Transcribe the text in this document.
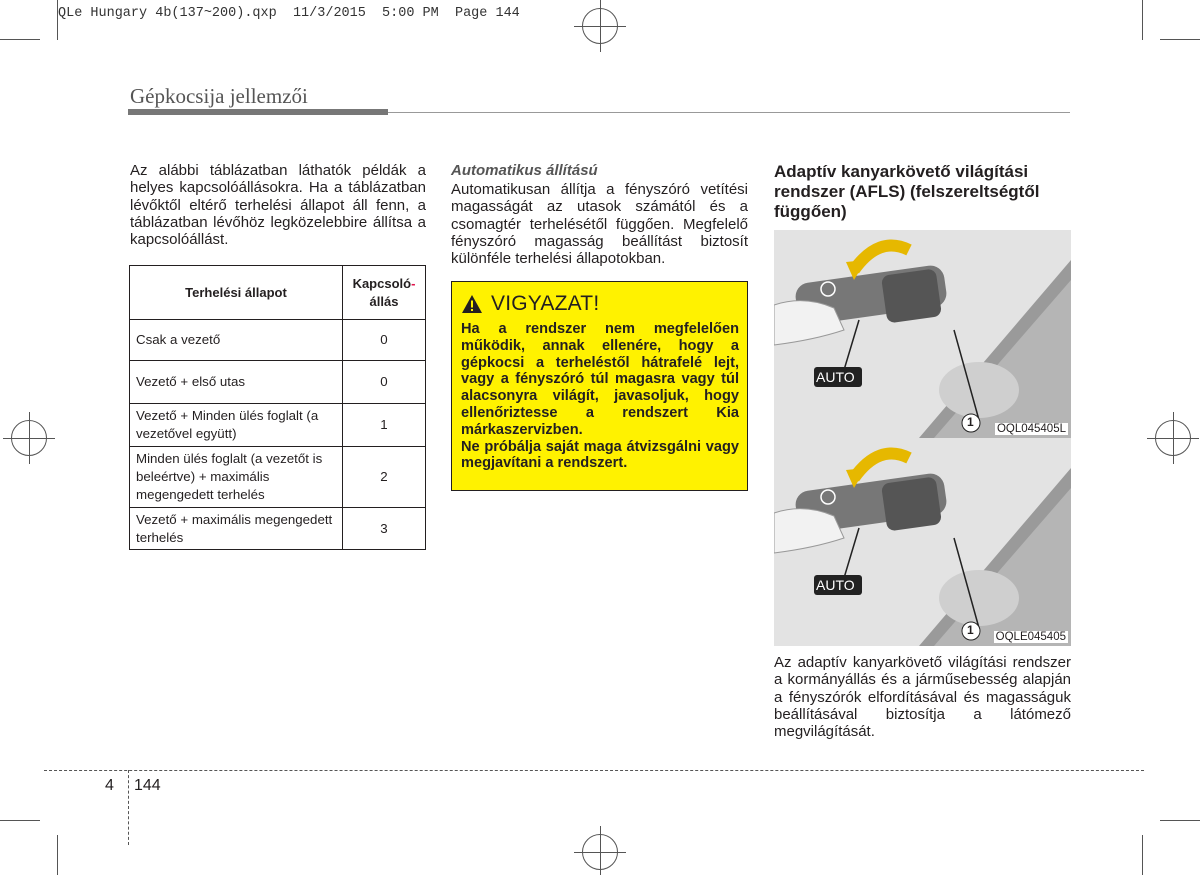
QLe Hungary 4b(137~200).qxp  11/3/2015  5:00 PM  Page 144
Gépkocsija jellemzői

Az alábbi táblázatban láthatók példák a helyes kapcsolóállásokra. Ha a táblázatban lévőktől eltérő terhelési állapot áll fenn, a táblázatban lévőhöz legközelebbire állítsa a kapcsolóállást.

Terhelési állapot	Kapcsoló-
állás
Csak a vezető	0
Vezető + első utas	0
Vezető + Minden ülés foglalt (a vezetővel együtt)	1
Minden ülés foglalt (a vezetőt is beleértve) + maximális megengedett terhelés	2
Vezető + maximális megengedett terhelés	3
Automatikus állítású

Automatikusan állítja a fényszóró vetítési magasságát az utasok számától és a csomagtér terhelésétől függően. Megfelelő fényszóró magasság beállítást biztosít különféle terhelési állapotokban.

VIGYAZAT!

Ha a rendszer nem megfelelően működik, annak ellenére, hogy a gépkocsi a terheléstől hátrafelé lejt, vagy a fényszóró túl magasra vagy túl alacsonyra világít, javasoljuk, hogy ellenőriztesse a rendszert Kia márkaszervizben.

Ne próbálja saját maga átvizsgálni vagy megjavítani a rendszert.

Adaptív kanyarkövető világítási rendszer (AFLS) (felszereltségtől függően)
AUTO
1 OQL045405L
AUTO
1 OQLE045405

Az adaptív kanyarkövető világítási rendszer a kormányállás és a járműsebesség alapján a fényszórók elfordításával és magasságuk beállításával biztosítja a látómező megvilágítását.

4 144
